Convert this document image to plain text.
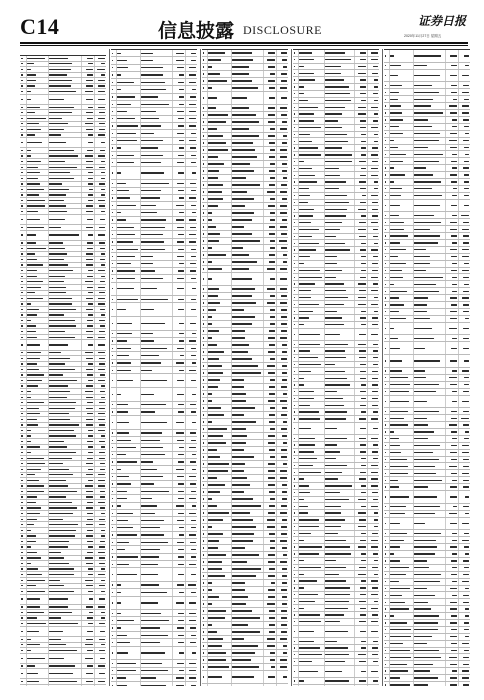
C14	信息披露 DISCLOSURE
证券日报
2020年11月27日 星期五
